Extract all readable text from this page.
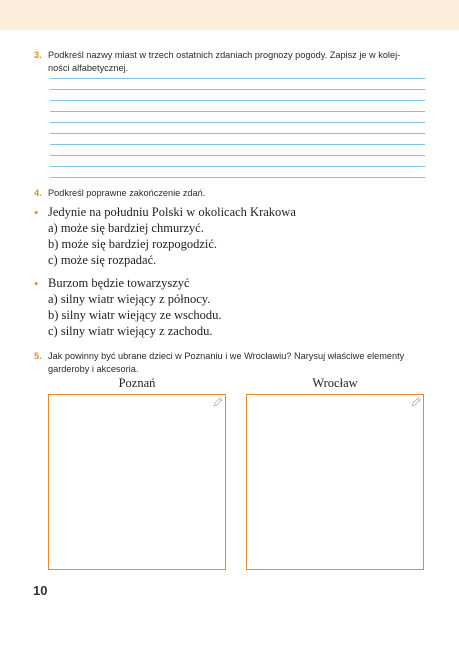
3. Podkreśl nazwy miast w trzech ostatnich zdaniach prognozy pogody. Zapisz je w kolej-
ności alfabetycznej.
4. Podkreśl poprawne zakończenie zdań.
• Jedynie na południu Polski w okolicach Krakowa
a) może się bardziej chmurzyć.
b) może się bardziej rozpogodzić.
c) może się rozpadać.
• Burzom będzie towarzyszyć
a) silny wiatr wiejący z północy.
b) silny wiatr wiejący ze wschodu.
c) silny wiatr wiejący z zachodu.
5. Jak powinny być ubrane dzieci w Poznaniu i we Wrocławiu? Narysuj właściwe elementy
garderoby i akcesoria.
Poznań	Wrocław
10
